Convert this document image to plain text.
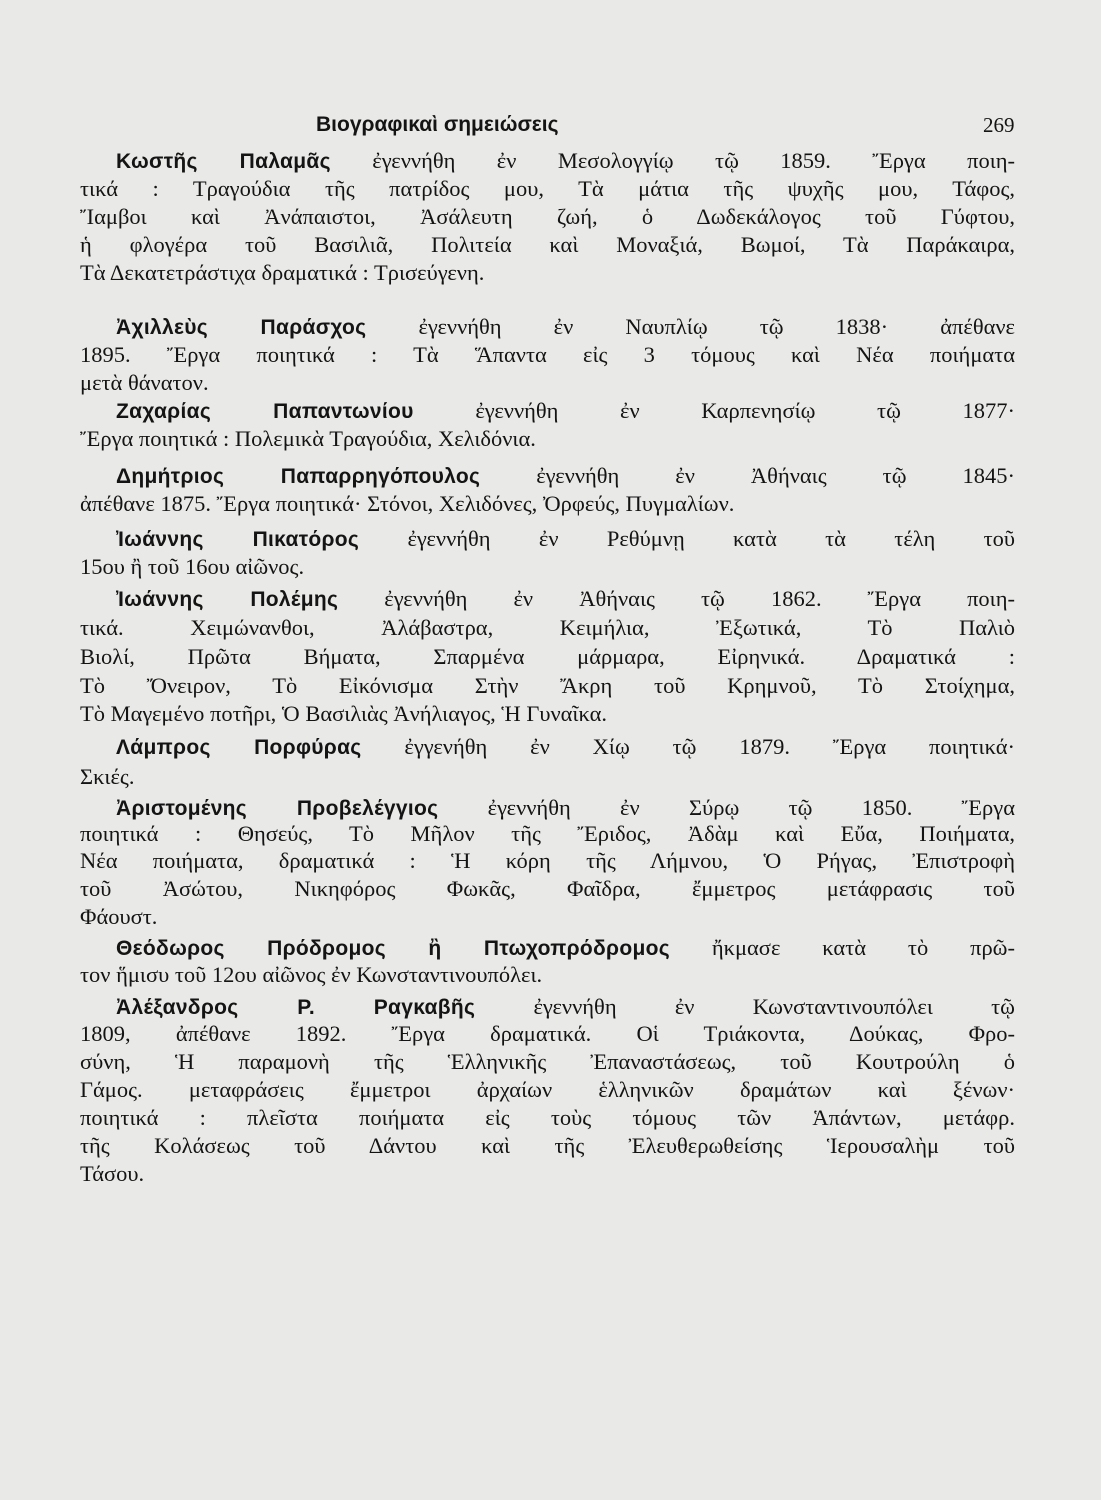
Βιογραφικαὶ σημειώσεις	269
Κωστῆς Παλαμᾶς ἐγεννήθη ἐν Μεσολογγίῳ τῷ 1859. Ἔργα ποιη-
τικά : Τραγούδια τῆς πατρίδος μου, Τὰ μάτια τῆς ψυχῆς μου, Τάφος,
Ἴαμβοι καὶ Ἀνάπαιστοι, Ἀσάλευτη ζωή, ὁ Δωδεκάλογος τοῦ Γύφτου,
ἡ φλογέρα τοῦ Βασιλιᾶ, Πολιτεία καὶ Μοναξιά, Βωμοί, Τὰ Παράκαιρα,
Τὰ Δεκατετράστιχα δραματικά : Τρισεύγενη.
Ἀχιλλεὺς Παράσχος ἐγεννήθη ἐν Ναυπλίῳ τῷ 1838· ἀπέθανε
1895. Ἔργα ποιητικά : Τὰ Ἅπαντα εἰς 3 τόμους καὶ Νέα ποιήματα
μετὰ θάνατον.
Ζαχαρίας Παπαντωνίου ἐγεννήθη ἐν Καρπενησίῳ τῷ 1877·
Ἔργα ποιητικά : Πολεμικὰ Τραγούδια, Χελιδόνια.
Δημήτριος Παπαρρηγόπουλος ἐγεννήθη ἐν Ἀθήναις τῷ 1845·
ἀπέθανε 1875. Ἔργα ποιητικά· Στόνοι, Χελιδόνες, Ὀρφεύς, Πυγμαλίων.
Ἰωάννης Πικατόρος ἐγεννήθη ἐν Ρεθύμνῃ κατὰ τὰ τέλη τοῦ
15ου ἢ τοῦ 16ου αἰῶνος.
Ἰωάννης Πολέμης ἐγεννήθη ἐν Ἀθήναις τῷ 1862. Ἔργα ποιη-
τικά. Χειμώνανθοι, Ἀλάβαστρα, Κειμήλια, Ἐξωτικά, Τὸ Παλιὸ
Βιολί, Πρῶτα Βήματα, Σπαρμένα μάρμαρα, Εἰρηνικά. Δραματικά :
Τὸ Ὄνειρον, Τὸ Εἰκόνισμα Στὴν Ἄκρη τοῦ Κρημνοῦ, Τὸ Στοίχημα,
Τὸ Μαγεμένο ποτῆρι, Ὁ Βασιλιὰς Ἀνήλιαγος, Ἡ Γυναῖκα.
Λάμπρος Πορφύρας ἐγγενήθη ἐν Χίῳ τῷ 1879. Ἔργα ποιητικά·
Σκιές.
Ἀριστομένης Προβελέγγιος ἐγεννήθη ἐν Σύρῳ τῷ 1850. Ἔργα
ποιητικά : Θησεύς, Τὸ Μῆλον τῆς Ἔριδος, Ἀδὰμ καὶ Εὔα, Ποιήματα,
Νέα ποιήματα, δραματικά : Ἡ κόρη τῆς Λήμνου, Ὁ Ρήγας, Ἐπιστροφὴ
τοῦ Ἀσώτου, Νικηφόρος Φωκᾶς, Φαῖδρα, ἔμμετρος μετάφρασις τοῦ
Φάουστ.
Θεόδωρος Πρόδρομος ἢ Πτωχοπρόδρομος ἤκμασε κατὰ τὸ πρῶ-
τον ἥμισυ τοῦ 12ου αἰῶνος ἐν Κωνσταντινουπόλει.
Ἀλέξανδρος Ρ. Ραγκαβῆς ἐγεννήθη ἐν Κωνσταντινουπόλει τῷ
1809, ἀπέθανε 1892. Ἔργα δραματικά. Οἱ Τριάκοντα, Δούκας, Φρο-
σύνη, Ἡ παραμονὴ τῆς Ἑλληνικῆς Ἐπαναστάσεως, τοῦ Κουτρούλη ὁ
Γάμος. μεταφράσεις ἔμμετροι ἀρχαίων ἑλληνικῶν δραμάτων καὶ ξένων·
ποιητικά : πλεῖστα ποιήματα εἰς τοὺς τόμους τῶν Ἁπάντων, μετάφρ.
τῆς Κολάσεως τοῦ Δάντου καὶ τῆς Ἐλευθερωθείσης Ἱερουσαλὴμ τοῦ
Τάσου.
